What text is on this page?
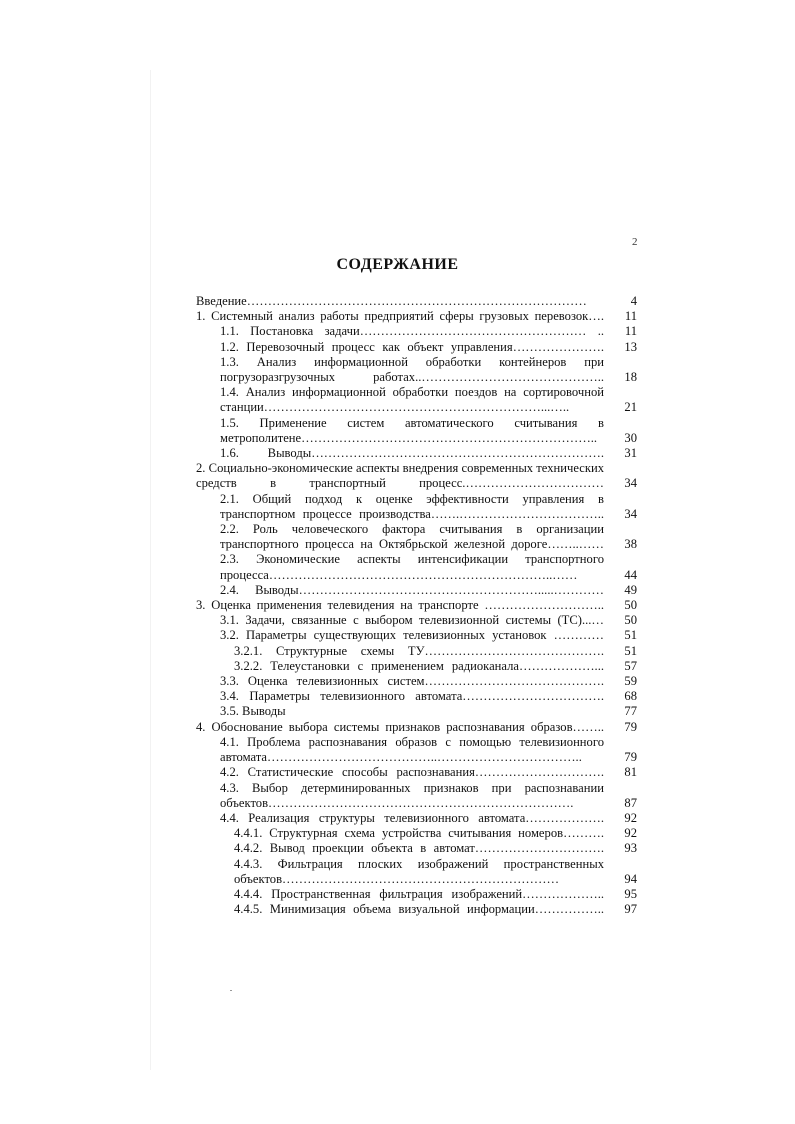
2
СОДЕРЖАНИЕ
Введение………………………………………………………………………	4
1. Системный анализ работы предприятий сферы грузовых перевозок….	11
1.1. Постановка задачи……………………………………………… ..	11
1.2. Перевозочный процесс как объект управления………………….	13
1.3. Анализ информационной обработки контейнеров при погрузоразгрузочных работах..……………………………………..	18
1.4. Анализ информационной обработки поездов на сортировочной станции…………………………………………………………...…..	21
1.5. Применение систем автоматического считывания в метрополитене……………………………………………………………..	30
1.6. Выводы…………………………………………………………….	31
2. Социально-экономические аспекты внедрения современных технических средств в транспортный процесс.……………………………	34
2.1. Общий подход к оценке эффективности управления в транспортном процессе производства…….……………………………..	34
2.2. Роль человеческого фактора считывания в организации транспортного процесса на Октябрьской железной дороге……..……	38
2.3. Экономические аспекты интенсификации транспортного процесса…………………………………………………………..……	44
2.4. Выводы………………………………………………….....…………	49
3. Оценка применения телевидения на транспорте ………………………..	50
3.1. Задачи, связанные с выбором телевизионной системы (ТС)...…	50
3.2. Параметры существующих телевизионных установок …………	51
3.2.1. Структурные схемы ТУ…………………………………….	51
3.2.2. Телеустановки с применением радиоканала………………...	57
3.3. Оценка телевизионных систем…………………………………….	59
3.4. Параметры телевизионного автомата…………………………….	68
3.5. Выводы	77
4. Обоснование выбора системы признаков распознавания образов……..	79
4.1. Проблема распознавания образов с помощью телевизионного автомата…………………………………..……………………………..	79
4.2. Статистические способы распознавания………………………….	81
4.3. Выбор детерминированных признаков при распознавании объектов……………………………………………………………….	87
4.4. Реализация структуры телевизионного автомата……………….	92
4.4.1. Структурная схема устройства считывания номеров……….	92
4.4.2. Вывод проекции объекта в автомат………………………….	93
4.4.3. Фильтрация плоских изображений пространственных объектов…………………………………………………………	94
4.4.4. Пространственная фильтрация изображений………………..	95
4.4.5. Минимизация объема визуальной информации……………..	97
